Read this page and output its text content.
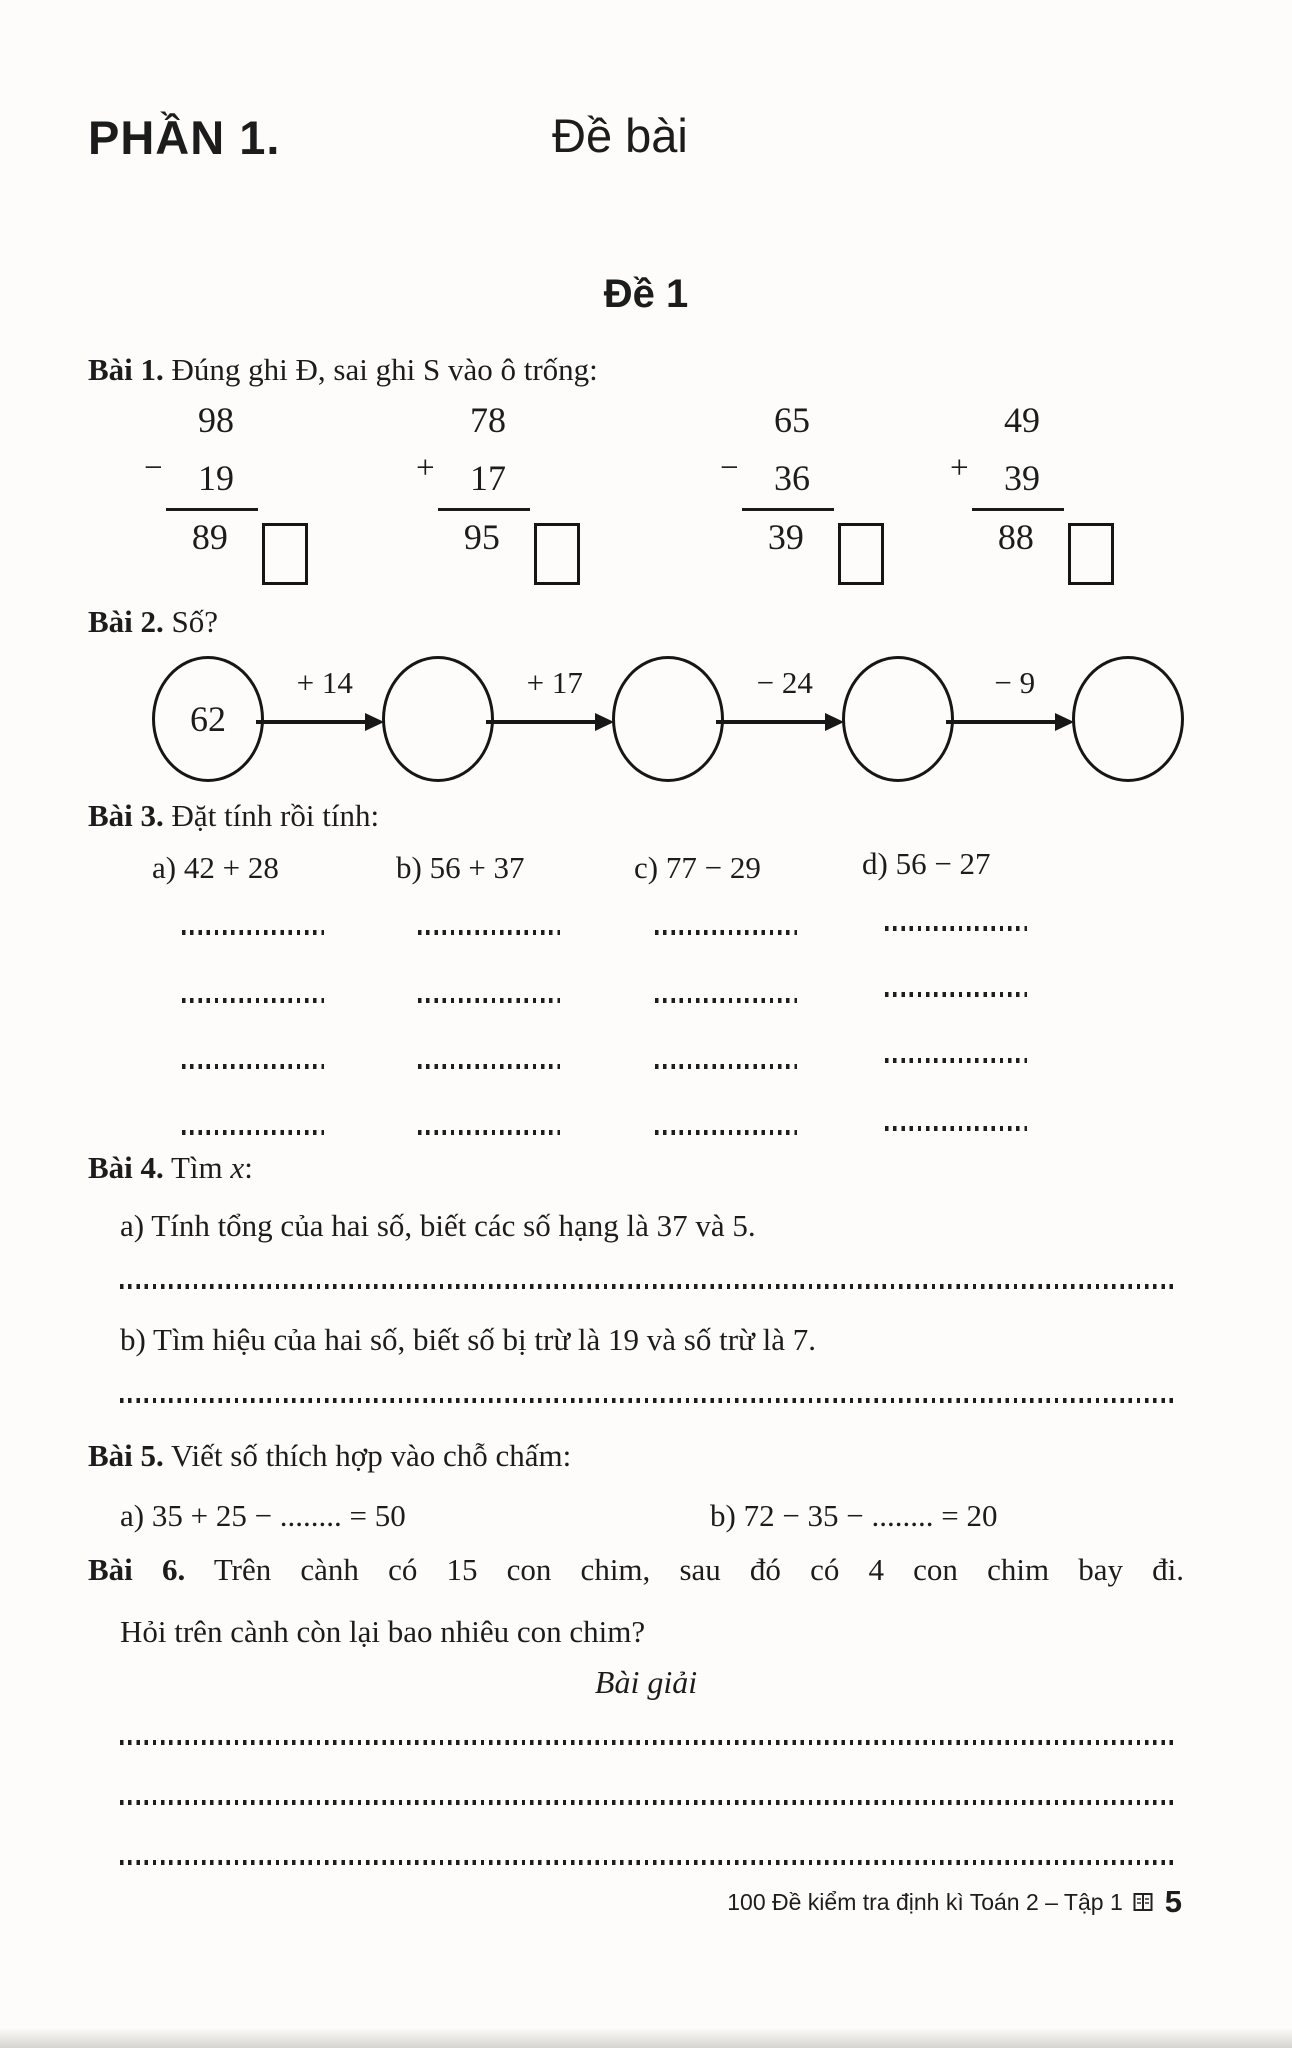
PHẦN 1.	Đề bài
Đề 1
Bài 1. Đúng ghi Đ, sai ghi S vào ô trống:
−
98
19
89
+
78
17
95
−
65
36
39
+
49
39
88
Bài 2. Số?
62
+ 14	+ 17	− 24	− 9
Bài 3. Đặt tính rồi tính:
a) 42 + 28	b) 56 + 37	c) 77 − 29	d) 56 − 27
Bài 4. Tìm x:
a) Tính tổng của hai số, biết các số hạng là 37 và 5.
b) Tìm hiệu của hai số, biết số bị trừ là 19 và số trừ là 7.
Bài 5. Viết số thích hợp vào chỗ chấm:
a) 35 + 25 − ........ = 50	b) 72 − 35 − ........ = 20
Bài 6. Trên cành có 15 con chim, sau đó có 4 con chim bay đi.
Hỏi trên cành còn lại bao nhiêu con chim?
Bài giải
100 Đề kiểm tra định kì Toán 2 – Tập 1 5
